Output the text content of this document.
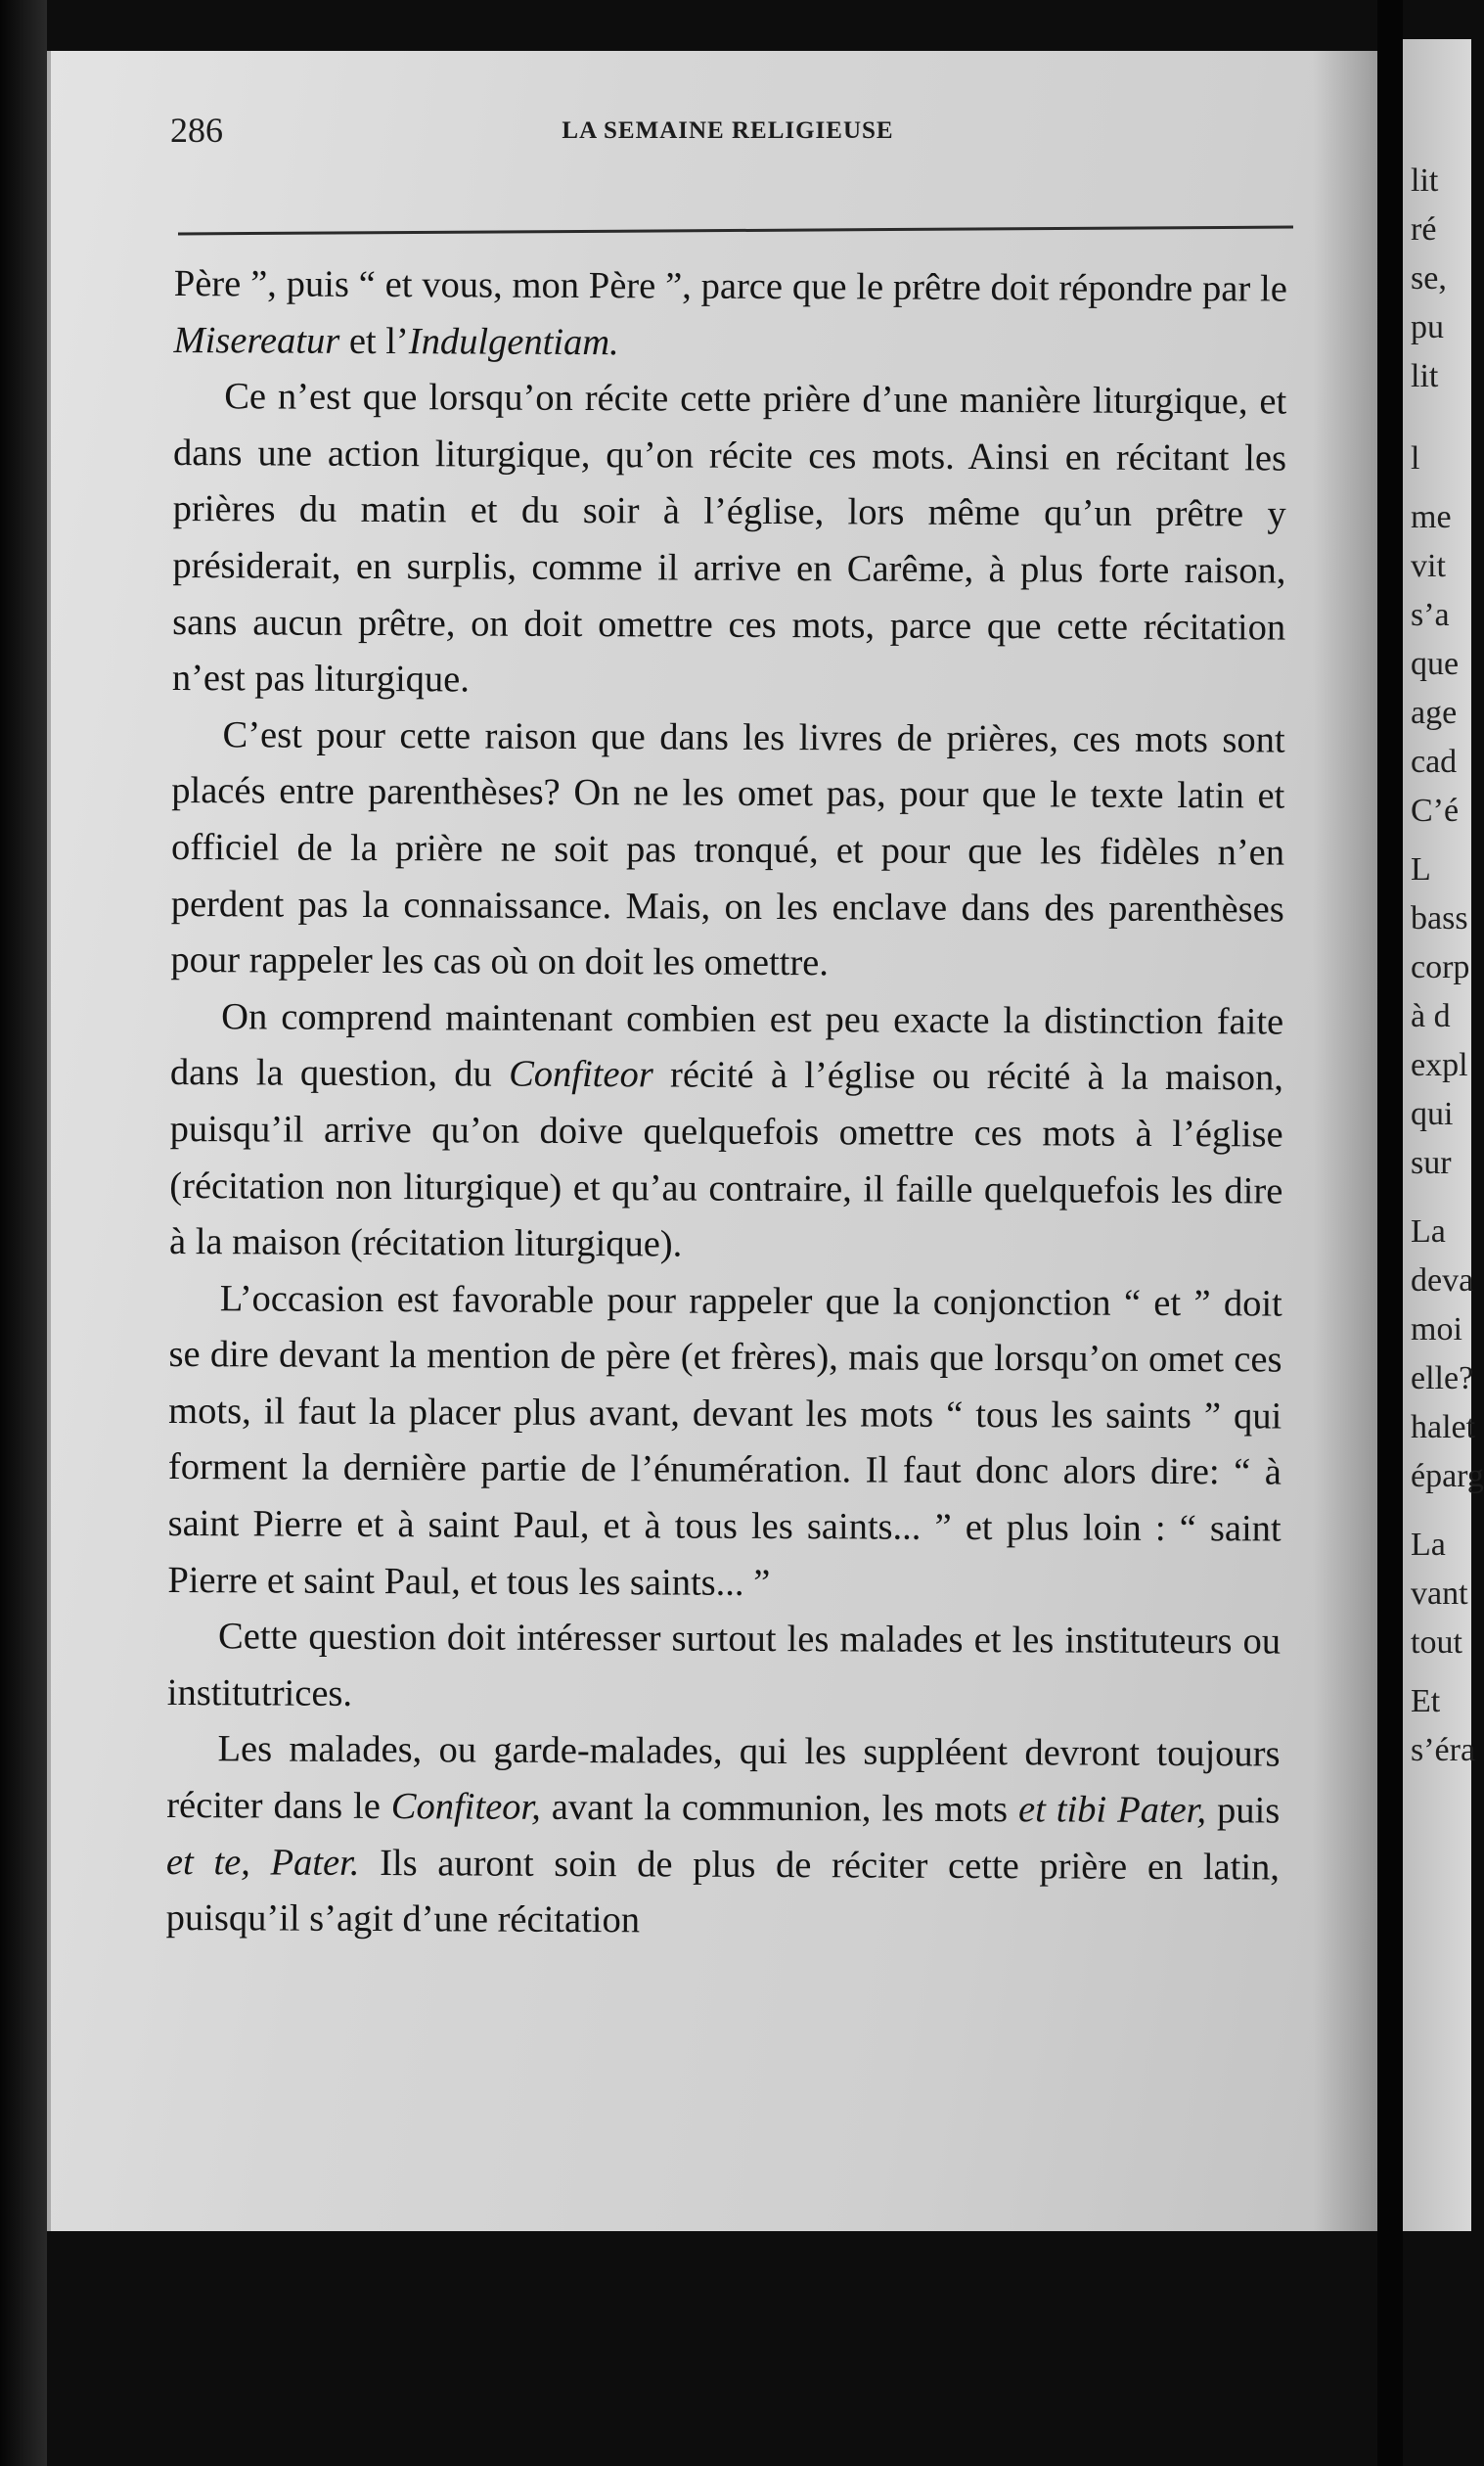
286	LA SEMAINE RELIGIEUSE

Père ”, puis “ et vous, mon Père ”, parce que le prêtre doit répondre par le Misereatur et l’Indulgentiam.

Ce n’est que lorsqu’on récite cette prière d’une manière liturgique, et dans une action liturgique, qu’on récite ces mots. Ainsi en récitant les prières du matin et du soir à l’église, lors même qu’un prêtre y présiderait, en surplis, comme il arrive en Carême, à plus forte raison, sans aucun prêtre, on doit omettre ces mots, parce que cette récitation n’est pas liturgique.

C’est pour cette raison que dans les livres de prières, ces mots sont placés entre parenthèses? On ne les omet pas, pour que le texte latin et officiel de la prière ne soit pas tronqué, et pour que les fidèles n’en perdent pas la connaissance. Mais, on les enclave dans des parenthèses pour rappeler les cas où on doit les omettre.

On comprend maintenant combien est peu exacte la distinction faite dans la question, du Confiteor récité à l’église ou récité à la maison, puisqu’il arrive qu’on doive quelquefois omettre ces mots à l’église (récitation non liturgique) et qu’au contraire, il faille quelquefois les dire à la maison (récitation liturgique).

L’occasion est favorable pour rappeler que la conjonction “ et ” doit se dire devant la mention de père (et frères), mais que lorsqu’on omet ces mots, il faut la placer plus avant, devant les mots “ tous les saints ” qui forment la dernière partie de l’énumération. Il faut donc alors dire: “ à saint Pierre et à saint Paul, et à tous les saints... ” et plus loin : “ saint Pierre et saint Paul, et tous les saints... ”

Cette question doit intéresser surtout les malades et les instituteurs ou institutrices.

Les malades, ou garde-malades, qui les suppléent devront toujours réciter dans le Confiteor, avant la communion, les mots et tibi Pater, puis et te, Pater. Ils auront soin de plus de réciter cette prière en latin, puisqu’il s’agit d’une récitation

lit
ré
se,
pu
lit
l
me
vit
s’a
que
age
cad
C’é
L
bass
corp
à d
expl
qui
sur
La
deva
moi
elle?
halet
éparg
La
vant
tout
Et
s’éra
